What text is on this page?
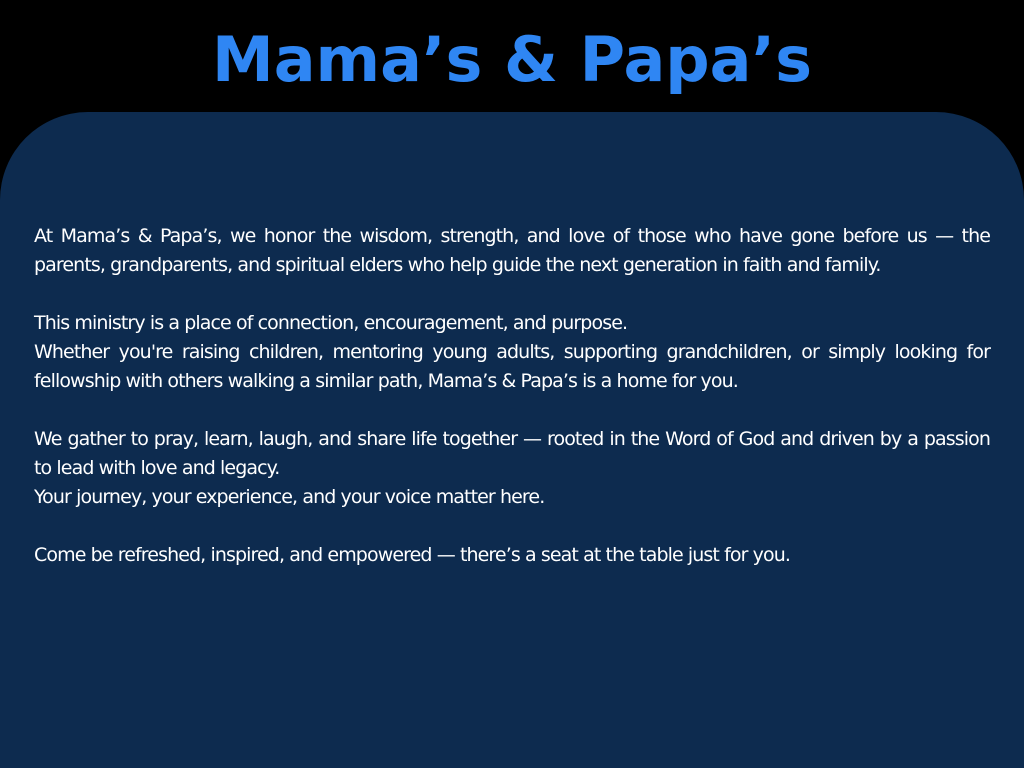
Mama’s & Papa’s

At Mama’s & Papa’s, we honor the wisdom, strength, and love of those who have gone before us — the parents, grandparents, and spiritual elders who help guide the next generation in faith and family.

This ministry is a place of connection, encouragement, and purpose.

Whether you're raising children, mentoring young adults, supporting grandchildren, or simply looking for fellowship with others walking a similar path, Mama’s & Papa’s is a home for you.

We gather to pray, learn, laugh, and share life together — rooted in the Word of God and driven by a passion to lead with love and legacy.

Your journey, your experience, and your voice matter here.

Come be refreshed, inspired, and empowered — there’s a seat at the table just for you.
